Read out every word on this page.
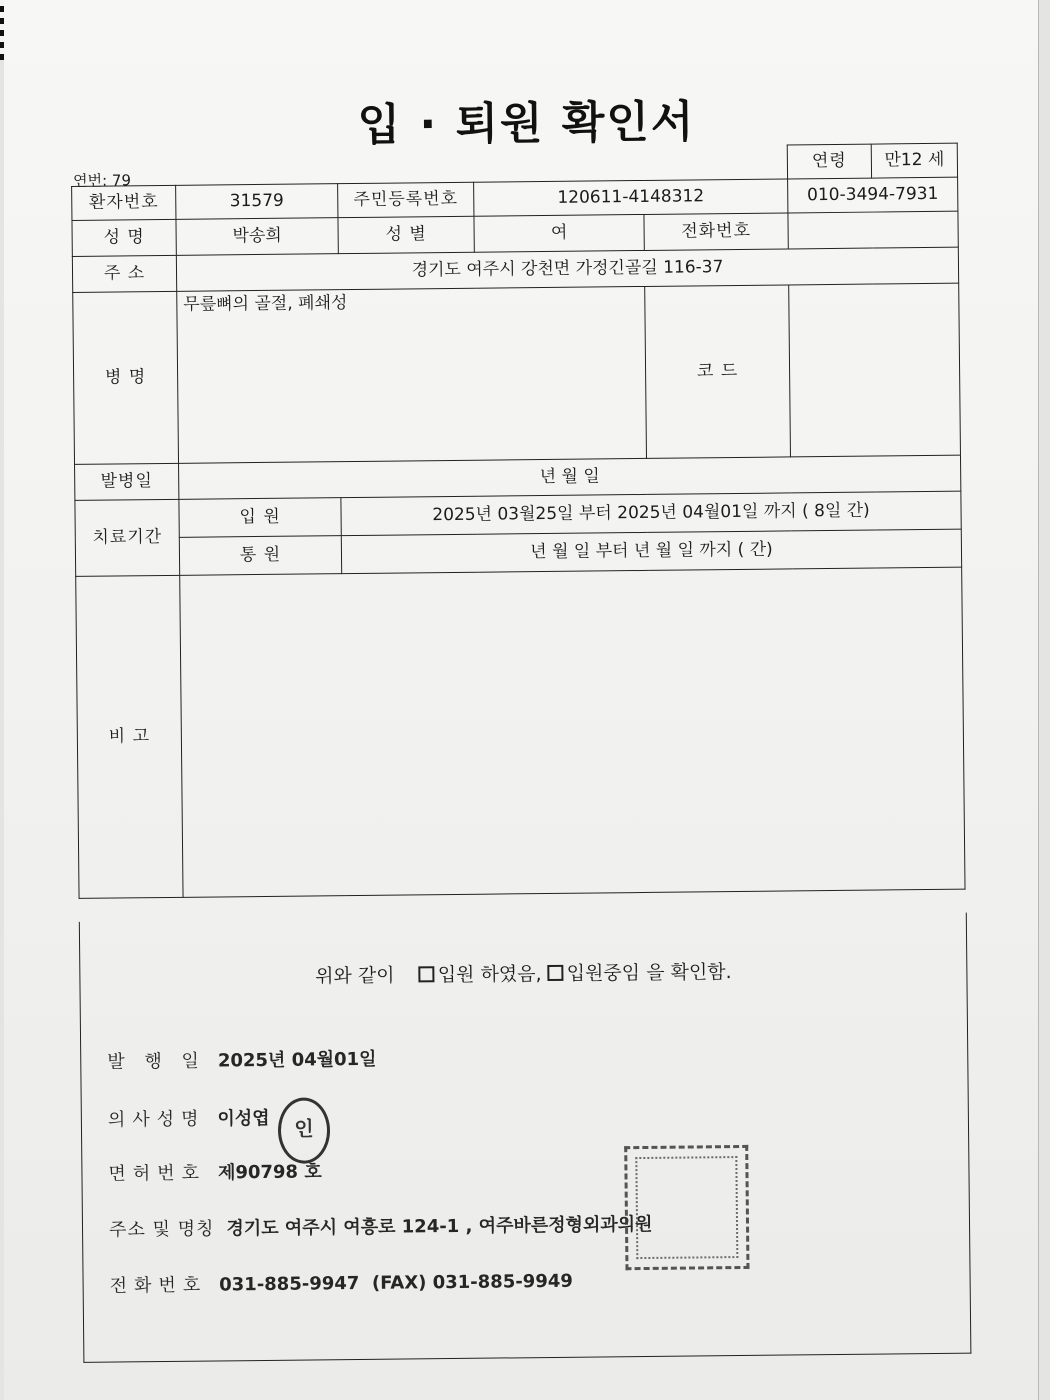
입 · 퇴원 확인서
연번: 79
					연령	만12 세
환자번호	31579	주민등록번호	120611-4148312		010-3494-7931	
성 명	박송희	성 별	여	전화번호		
주 소	경기도 여주시 강천면 가정긴골길 116-37					
병 명	무릎뼈의 골절, 폐쇄성			코 드		
발병일	년 월 일					
치료기간	입 원	2025년 03월25일 부터 2025년 04월01일 까지 ( 8일 간)				
	통 원	년 월 일 부터 년 월 일 까지 ( 간)				
비 고						
위와 같이 입원 하였음, 입원중임 을 확인함.
발 행 일 2025년 04월01일
의사성명 이성엽	인
면허번호 제90798 호
주소 및 명칭 경기도 여주시 여흥로 124-1 , 여주바른정형외과의원
전화번호 031-885-9947 (FAX) 031-885-9949
